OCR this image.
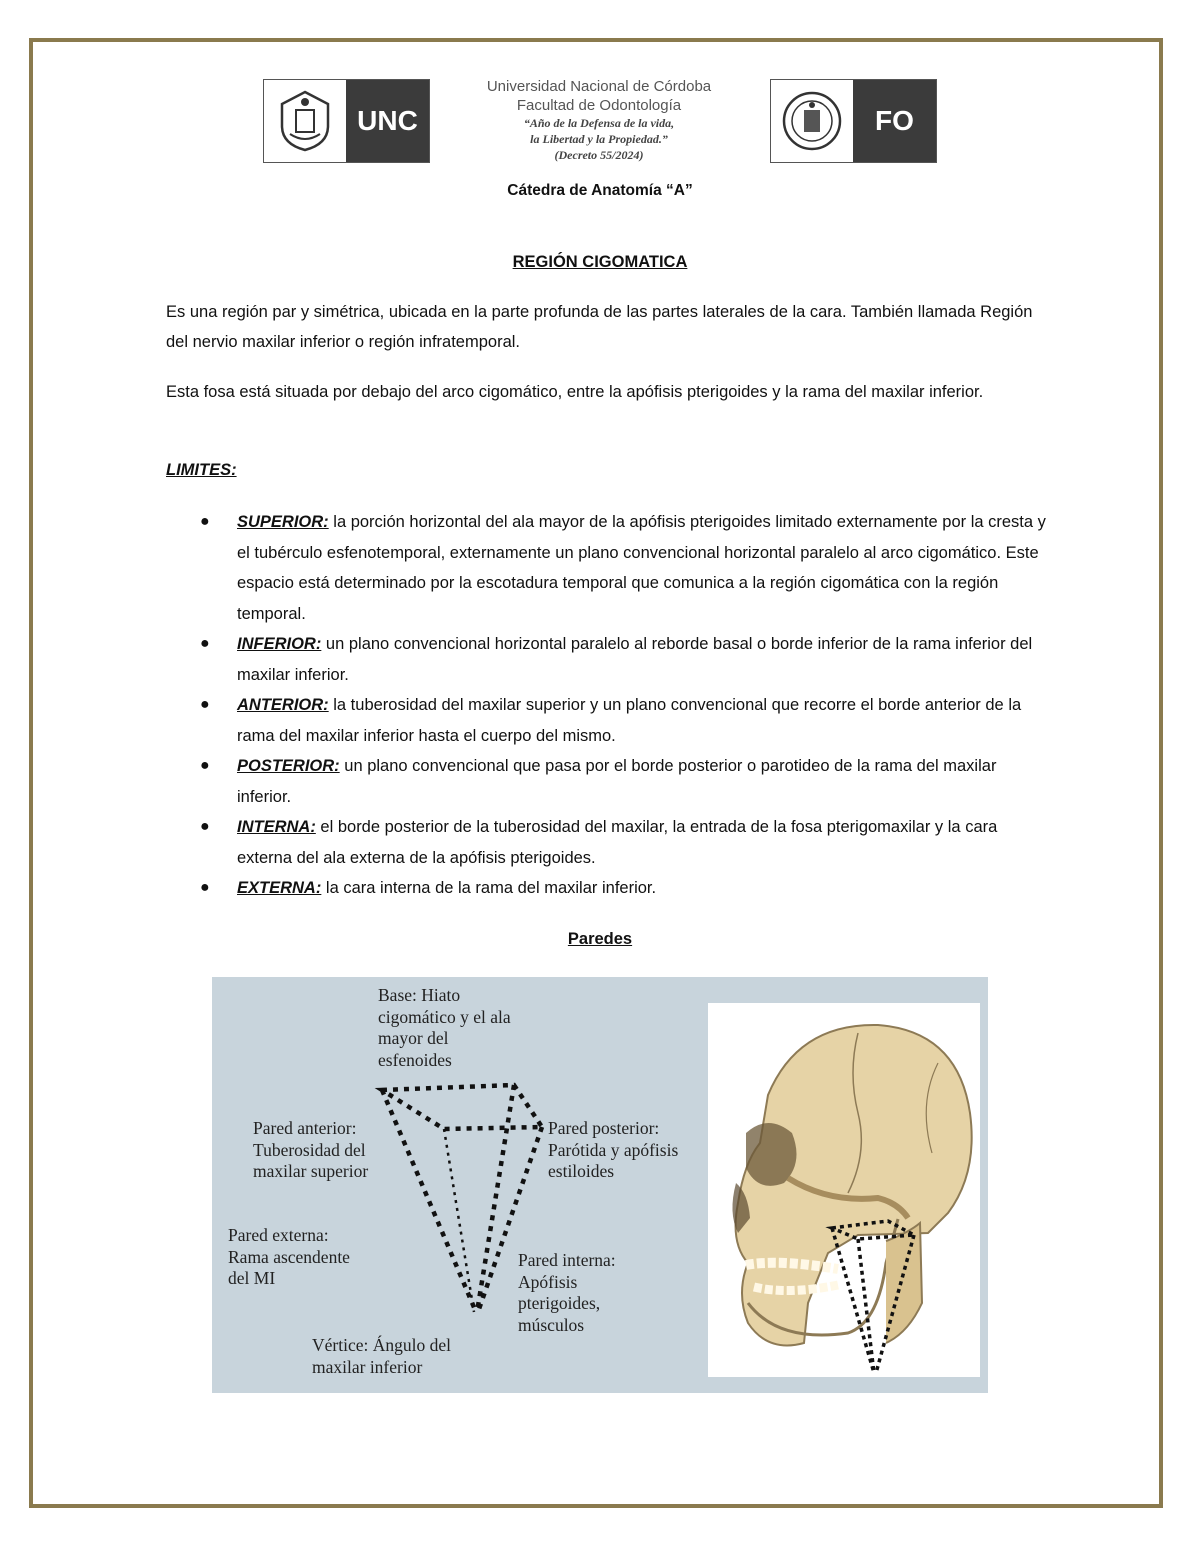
UNC
Universidad Nacional de Córdoba
Facultad de Odontología
“Año de la Defensa de la vida,
la Libertad y la Propiedad.”
(Decreto 55/2024)
FO
Cátedra de Anatomía “A”
REGIÓN CIGOMATICA
Es una región par y simétrica, ubicada en la parte profunda de las partes laterales de la cara. También llamada Región del nervio maxilar inferior o región infratemporal.
Esta fosa está situada por debajo del arco cigomático, entre la apófisis pterigoides y la rama del maxilar inferior.
LIMITES:
● SUPERIOR: la porción horizontal del ala mayor de la apófisis pterigoides limitado externamente por la cresta y el tubérculo esfenotemporal, externamente un plano convencional horizontal paralelo al arco cigomático. Este espacio está determinado por la escotadura temporal que comunica a la región cigomática con la región temporal.
● INFERIOR: un plano convencional horizontal paralelo al reborde basal o borde inferior de la rama inferior del maxilar inferior.
● ANTERIOR: la tuberosidad del maxilar superior y un plano convencional que recorre el borde anterior de la rama del maxilar inferior hasta el cuerpo del mismo.
● POSTERIOR: un plano convencional que pasa por el borde posterior o parotideo de la rama del maxilar inferior.
● INTERNA: el borde posterior de la tuberosidad del maxilar, la entrada de la fosa pterigomaxilar y la cara externa del ala externa de la apófisis pterigoides.
● EXTERNA: la cara interna de la rama del maxilar inferior.
Paredes
Base: Hiato
cigomático y el ala
mayor del
esfenoides
Pared anterior:
Tuberosidad del
maxilar superior
Pared posterior:
Parótida y apófisis
estiloides
Pared externa:
Rama ascendente
del MI
Pared interna:
Apófisis
pterigoides,
músculos
Vértice: Ángulo del
maxilar inferior
